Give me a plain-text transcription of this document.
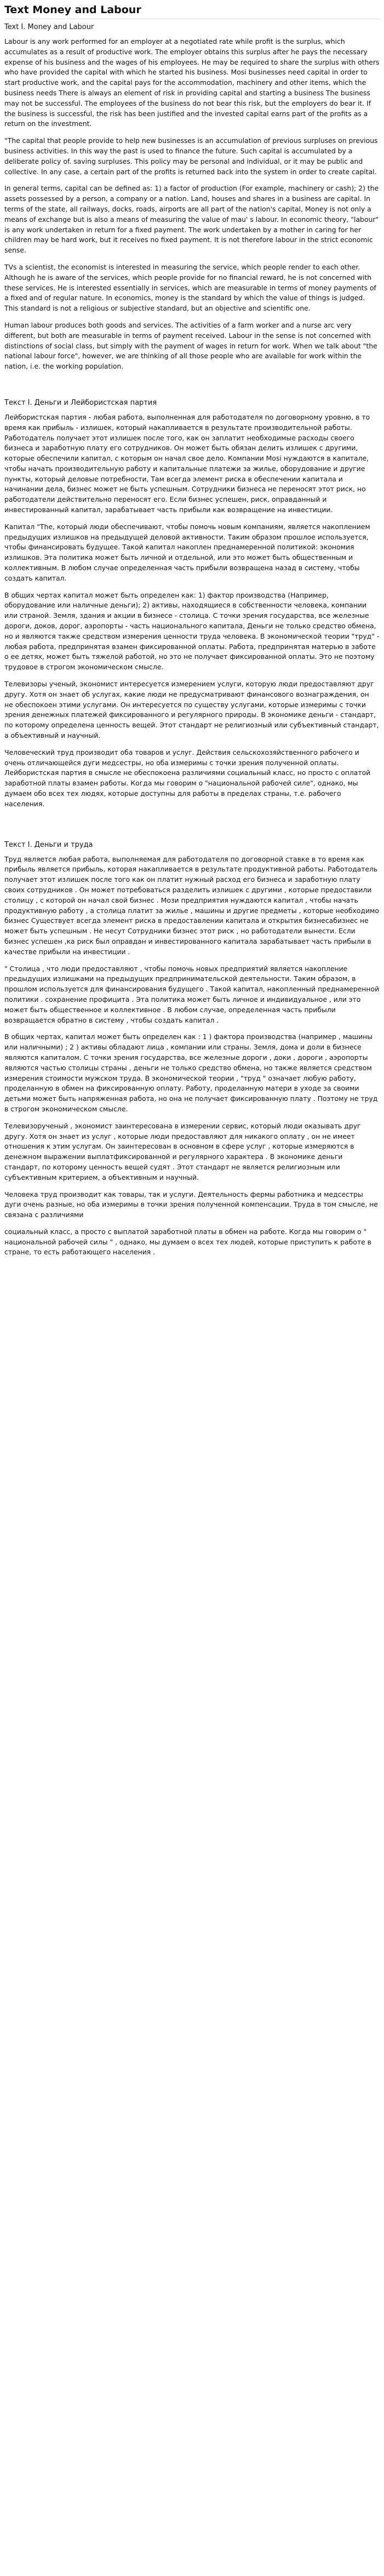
Text Money and Labour
Text I. Money and Labour

Labour is any work performed for an employer at a negotiated rate while profit is the surplus, which accumulates as a result of productive work. The employer obtains this surplus after he pays the necessary expense of his business and the wages of his employees. He may be required to share the surplus with others who have provided the capital with which he started his business. Mosi businesses need capital in order to start productive work, and the capital pays for the accommodation, machinery and other items, which the business needs There is always an element of risk in providing capital and starting a business The business may not be successful. The employees of the business do not bear this risk, but the employers do bear it. If the business is successful, the risk has been justified and the invested capital earns part of the profits as a return on the investment.

"The capital that people provide to help new businesses is an accumulation of previous surpluses on previous business activities. In this way the past is used to finance the future. Such capital is accumulated by a deliberate policy of. saving surpluses. This policy may be personal and individual, or it may be public and collective. In any case, a certain part of the profits is returned back into the system in order to create capital.

In general terms, capital can be defined as: 1) a factor of production (For example, machinery or cash); 2) the assets possessed by a person, a company or a nation. Land, houses and shares in a business are capital. In terms of the state, all railways, docks, roads, airports are all part of the nation's capital, Money is not only a means of exchange but is also a means of measuring the value of mau' s labour. In economic theory, "labour" is any work undertaken in return for a fixed payment. The work undertaken by a mother in caring for her children may be hard work, but it receives no fixed payment. It is not therefore labour in the strict economic sense.

TVs a scientist, the economist is interested in measuring the service, which people render to each other. Although he is aware of the services, which people provide for no financial reward, he is not concerned with these services. He is interested essentially in services, which are measurable in terms of money payments of a fixed and of regular nature. In economics, money is the standard by which the value of things is judged. This standard is not a religious or subjective standard, but an objective and scientific one.

Human labour produces both goods and services. The activities of a farm worker and a nurse arc very different, but both are measurable in terms of payment received. Labour in the sense is not concerned with distinctions of social class, but simply with the payment of wages in return for work. When we talk about "the national labour force", however, we are thinking of all those people who are available for work within the nation, i.e. the working population.

Текст I. Деньги и Лейбористская партия

Лейбористская партия - любая работа, выполненная для работодателя по договорному уровню, в то время как прибыль - излишек, который накапливается в результате производительной работы. Работодатель получает этот излишек после того, как он заплатит необходимые расходы своего бизнеса и заработную плату его сотрудников. Он может быть обязан делить излишек с другими, которые обеспечили капитал, с которым он начал свое дело. Компании Mosi нуждаются в капитале, чтобы начать производительную работу и капитальные платежи за жилье, оборудование и другие пункты, который деловые потребности, Там всегда элемент риска в обеспечении капитала и начинании дела, бизнес может не быть успешным. Сотрудники бизнеса не переносят этот риск, но работодатели действительно переносят его. Если бизнес успешен, риск, оправданный и инвестированный капитал, зарабатывает часть прибыли как возвращение на инвестиции.

Капитал "The, который люди обеспечивают, чтобы помочь новым компаниям, является накоплением предыдущих излишков на предыдущей деловой активности. Таким образом прошлое используется, чтобы финансировать будущее. Такой капитал накоплен преднамеренной политикой: экономия излишков. Эта политика может быть личной и отдельной, или это может быть общественным и коллективным. В любом случае определенная часть прибыли возвращена назад в систему, чтобы создать капитал.

В общих чертах капитал может быть определен как: 1) фактор производства (Например, оборудование или наличные деньги); 2) активы, находящиеся в собственности человека, компании или страной. Земля, здания и акции в бизнесе - столица. С точки зрения государства, все железные дороги, доков, дорог, аэропорты - часть национального капитала, Деньги не только средство обмена, но и являются также средством измерения ценности труда человека. В экономической теории "труд" - любая работа, предпринятая взамен фиксированной оплаты. Работа, предпринятая матерью в заботе о ее детях, может быть тяжелой работой, но это не получает фиксированной оплаты. Это не поэтому трудовое в строгом экономическом смысле.

Телевизоры ученый, экономист интересуется измерением услуги, которую люди предоставляют друг другу. Хотя он знает об услугах, какие люди не предусматривают финансового вознаграждения, он не обеспокоен этими услугами. Он интересуется по существу услугами, которые измеримы с точки зрения денежных платежей фиксированного и регулярного природы. В экономике деньги - стандарт, по которому определена ценность вещей. Этот стандарт не религиозный или субъективный стандарт, а объективный и научный.

Человеческий труд производит оба товаров и услуг. Действия сельскохозяйственного рабочего и очень отличающейся дуги медсестры, но оба измеримы с точки зрения полученной оплаты. Лейбористская партия в смысле не обеспокоена различиями социальный класс, но просто с оплатой заработной платы взамен работы. Когда мы говорим о "национальной рабочей силе", однако, мы думаем обо всех тех людях, которые доступны для работы в пределах страны, т.е. рабочего населения.

Текст I. Деньги и труда

Труд является любая работа, выполняемая для работодателя по договорной ставке в то время как прибыль является прибыль, которая накапливается в результате продуктивной работы. Работодатель получает этот излишек после того как он платит нужный расход его бизнеса и заработную плату своих сотрудников . Он может потребоваться разделить излишек с другими , которые предоставили столицу , с которой он начал свой бизнес . Мози предприятия нуждаются капитал , чтобы начать продуктивную работу , а столица платит за жилье , машины и другие предметы , которые необходимо бизнес Существует всегда элемент риска в предоставлении капитала и открытия бизнесабизнес не может быть успешным . Не несут Сотрудники бизнес этот риск , но работодатели вынести. Если бизнес успешен ,ка риск был оправдан и инвестированного капитала зарабатывает часть прибыли в качестве прибыли на инвестиции .

" Столица , что люди предоставляют , чтобы помочь новых предприятий является накопление предыдущих излишками на предыдущих предпринимательской деятельности. Таким образом, в прошлом используется для финансирования будущего . Такой капитал, накопленный преднамеренной политики . сохранение профицита . Эта политика может быть личное и индивидуальное , или это может быть общественное и коллективное . В любом случае, определенная часть прибыли возвращается обратно в систему , чтобы создать капитал .

В общих чертах, капитал может быть определен как : 1 ) фактора производства (например , машины или наличными) ; 2 ) активы обладают лица , компании или страны. Земля, дома и доли в бизнесе являются капиталом. С точки зрения государства, все железные дороги , доки , дороги , аэропорты являются частью столицы страны , деньги не только средство обмена, но также является средством измерения стоимости мужском труда. В экономической теории , "труд " означает любую работу, проделанную в обмен на фиксированную оплату. Работу, проделанную матери в уходе за своими детьми может быть напряженная работа, но она не получает фиксированную плату . Поэтому не труд в строгом экономическом смысле.

Телевизорученый , экономист заинтересована в измерении сервис, который люди оказывать друг другу. Хотя он знает из услуг , которые люди предоставляют для никакого оплату , он не имеет отношения к этим услугам. Он заинтересован в основном в сфере услуг , которые измеряются в денежном выражении выплатфиксированной и регулярного характера . В экономике деньги стандарт, по которому ценность вещей судят . Этот стандарт не является религиозным или субъективным критерием, а объективным и научный.

Человека труд производит как товары, так и услуги. Деятельность фермы работника и медсестры дуги очень разные, но оба измеримы в точки зрения полученной компенсации. Труда в том смысле, не связана с различиями

социальный класс, а просто с выплатой заработной платы в обмен на работе. Когда мы говорим о " национальной рабочей силы " , однако, мы думаем о всех тех людей, которые приступить к работе в стране, то есть работающего населения .
